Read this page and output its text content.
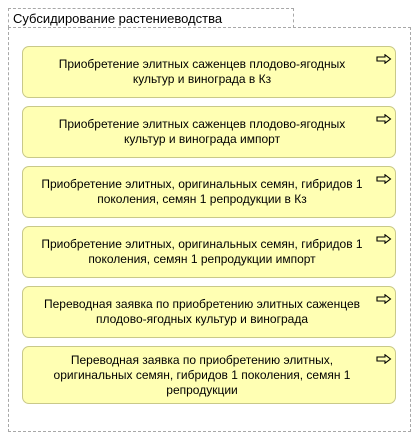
Субсидирование растениеводства
Приобретение элитных саженцев плодово-ягодных культур и винограда в Кз
Приобретение элитных саженцев плодово-ягодных культур и винограда импорт
Приобретение элитных, оригинальных семян, гибридов 1 поколения, семян 1 репродукции в Кз
Приобретение элитных, оригинальных семян, гибридов 1 поколения, семян 1 репродукции импорт
Переводная заявка по приобретению элитных саженцев плодово-ягодных культур и винограда
Переводная заявка по приобретению элитных, оригинальных семян, гибридов 1 поколения, семян 1 репродукции
